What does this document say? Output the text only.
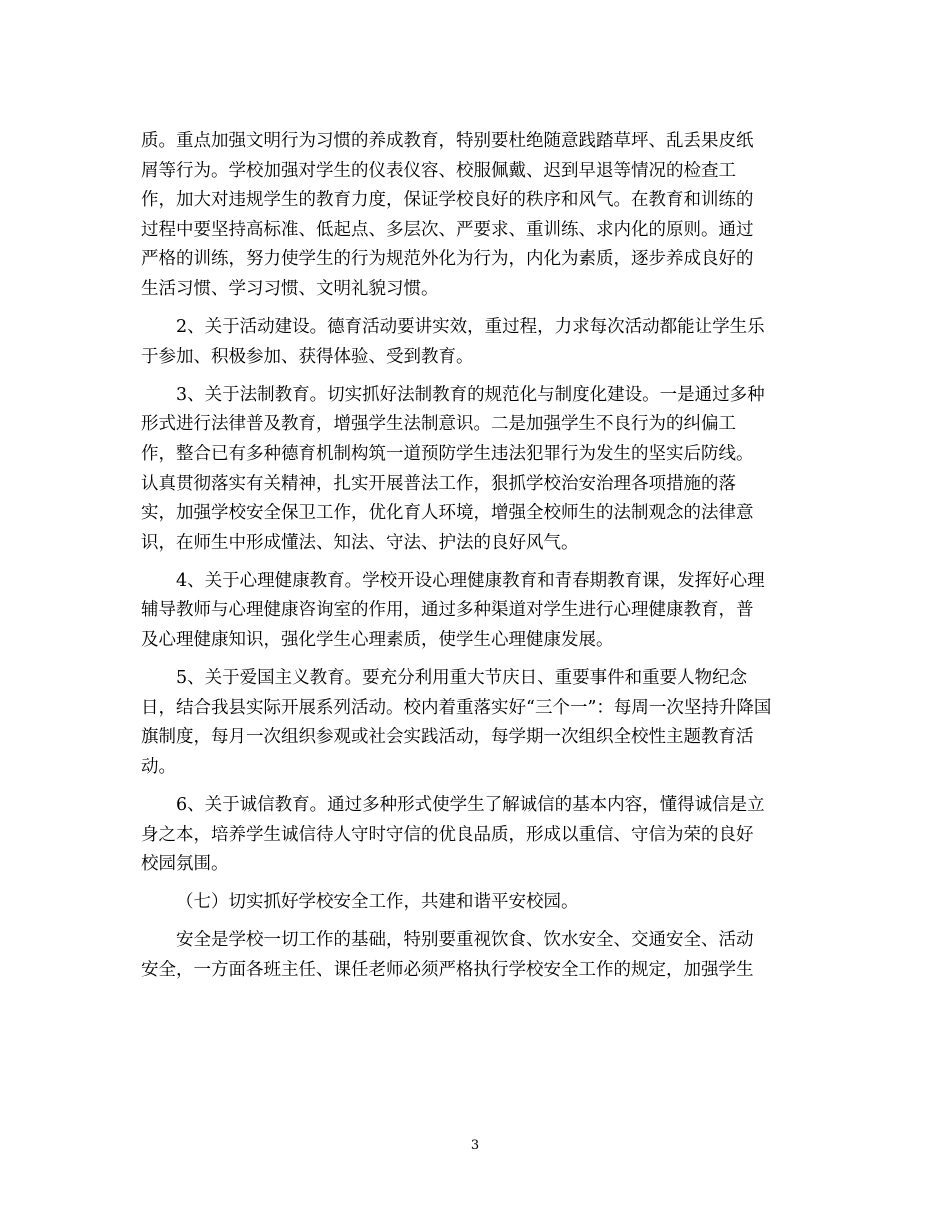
质。重点加强文明行为习惯的养成教育，特别要杜绝随意践踏草坪、乱丢果皮纸
屑等行为。学校加强对学生的仪表仪容、校服佩戴、迟到早退等情况的检查工
作，加大对违规学生的教育力度，保证学校良好的秩序和风气。在教育和训练的
过程中要坚持高标准、低起点、多层次、严要求、重训练、求内化的原则。通过
严格的训练，努力使学生的行为规范外化为行为，内化为素质，逐步养成良好的
生活习惯、学习习惯、文明礼貌习惯。
2、关于活动建设。德育活动要讲实效，重过程，力求每次活动都能让学生乐
于参加、积极参加、获得体验、受到教育。
3、关于法制教育。切实抓好法制教育的规范化与制度化建设。一是通过多种
形式进行法律普及教育，增强学生法制意识。二是加强学生不良行为的纠偏工
作，整合已有多种德育机制构筑一道预防学生违法犯罪行为发生的坚实后防线。
认真贯彻落实有关精神，扎实开展普法工作，狠抓学校治安治理各项措施的落
实，加强学校安全保卫工作，优化育人环境，增强全校师生的法制观念的法律意
识，在师生中形成懂法、知法、守法、护法的良好风气。
4、关于心理健康教育。学校开设心理健康教育和青春期教育课，发挥好心理
辅导教师与心理健康咨询室的作用，通过多种渠道对学生进行心理健康教育，普
及心理健康知识，强化学生心理素质，使学生心理健康发展。
5、关于爱国主义教育。要充分利用重大节庆日、重要事件和重要人物纪念
日，结合我县实际开展系列活动。校内着重落实好“三个一”：每周一次坚持升降国
旗制度，每月一次组织参观或社会实践活动，每学期一次组织全校性主题教育活
动。
6、关于诚信教育。通过多种形式使学生了解诚信的基本内容，懂得诚信是立
身之本，培养学生诚信待人守时守信的优良品质，形成以重信、守信为荣的良好
校园氛围。
（七）切实抓好学校安全工作，共建和谐平安校园。
安全是学校一切工作的基础，特别要重视饮食、饮水安全、交通安全、活动
安全，一方面各班主任、课任老师必须严格执行学校安全工作的规定，加强学生
3
